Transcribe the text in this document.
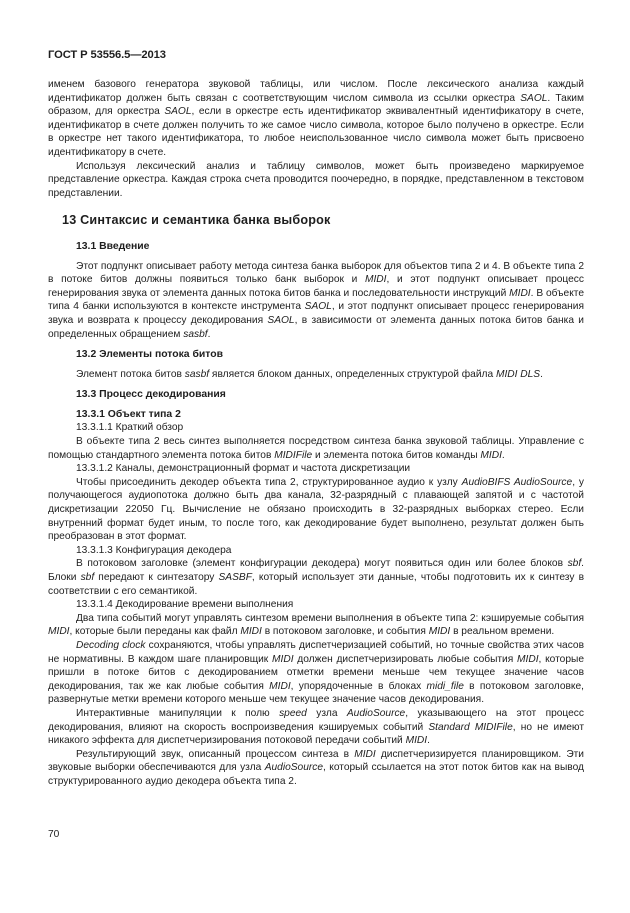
ГОСТ Р 53556.5—2013

именем базового генератора звуковой таблицы, или числом. После лексического анализа каждый идентификатор должен быть связан с соответствующим числом символа из ссылки оркестра SAOL. Таким образом, для оркестра SAOL, если в оркестре есть идентификатор эквивалентный идентификатору в счете, идентификатор в счете должен получить то же самое число символа, которое было получено в оркестре. Если в оркестре нет такого идентификатора, то любое неиспользованное число символа может быть присвоено идентификатору в счете.

Используя лексический анализ и таблицу символов, может быть произведено маркируемое представление оркестра. Каждая строка счета проводится поочередно, в порядке, представленном в текстовом представлении.

13 Синтаксис и семантика банка выборок
13.1 Введение

Этот подпункт описывает работу метода синтеза банка выборок для объектов типа 2 и 4. В объекте типа 2 в потоке битов должны появиться только банк выборок и MIDI, и этот подпункт описывает процесс генерирования звука от элемента данных потока битов банка и последовательности инструкций MIDI. В объекте типа 4 банки используются в контексте инструмента SAOL, и этот подпункт описывает процесс генерирования звука и возврата к процессу декодирования SAOL, в зависимости от элемента данных потока битов банка и определенных обращением sasbf.

13.2 Элементы потока битов

Элемент потока битов sasbf является блоком данных, определенных структурой файла MIDI DLS.

13.3 Процесс декодирования
13.3.1 Объект типа 2
13.3.1.1 Краткий обзор

В объекте типа 2 весь синтез выполняется посредством синтеза банка звуковой таблицы. Управление с помощью стандартного элемента потока битов MIDIFile и элемента потока битов команды MIDI.

13.3.1.2 Каналы, демонстрационный формат и частота дискретизации

Чтобы присоединить декодер объекта типа 2, структурированное аудио к узлу AudioBIFS AudioSource, у получающегося аудиопотока должно быть два канала, 32-разрядный с плавающей запятой и с частотой дискретизации 22050 Гц. Вычисление не обязано происходить в 32-разрядных выборках стерео. Если внутренний формат будет иным, то после того, как декодирование будет выполнено, результат должен быть преобразован в этот формат.

13.3.1.3 Конфигурация декодера

В потоковом заголовке (элемент конфигурации декодера) могут появиться один или более блоков sbf. Блоки sbf передают к синтезатору SASBF, который использует эти данные, чтобы подготовить их к синтезу в соответствии с его семантикой.

13.3.1.4 Декодирование времени выполнения

Два типа событий могут управлять синтезом времени выполнения в объекте типа 2: кэшируемые события MIDI, которые были переданы как файл MIDI в потоковом заголовке, и события MIDI в реальном времени.

Decoding clock сохраняются, чтобы управлять диспетчеризацией событий, но точные свойства этих часов не нормативны. В каждом шаге планировщик MIDI должен диспетчеризировать любые события MIDI, которые пришли в потоке битов с декодированием отметки времени меньше чем текущее значение часов декодирования, так же как любые события MIDI, упорядоченные в блоках midi_file в потоковом заголовке, развернутые метки времени которого меньше чем текущее значение часов декодирования.

Интерактивные манипуляции к полю speed узла AudioSource, указывающего на этот процесс декодирования, влияют на скорость воспроизведения кэшируемых событий Standard MIDIFile, но не имеют никакого эффекта для диспетчеризирования потоковой передачи событий MIDI.

Результирующий звук, описанный процессом синтеза в MIDI диспетчеризируется планировщиком. Эти звуковые выборки обеспечиваются для узла AudioSource, который ссылается на этот поток битов как на вывод структурированного аудио декодера объекта типа 2.

70
